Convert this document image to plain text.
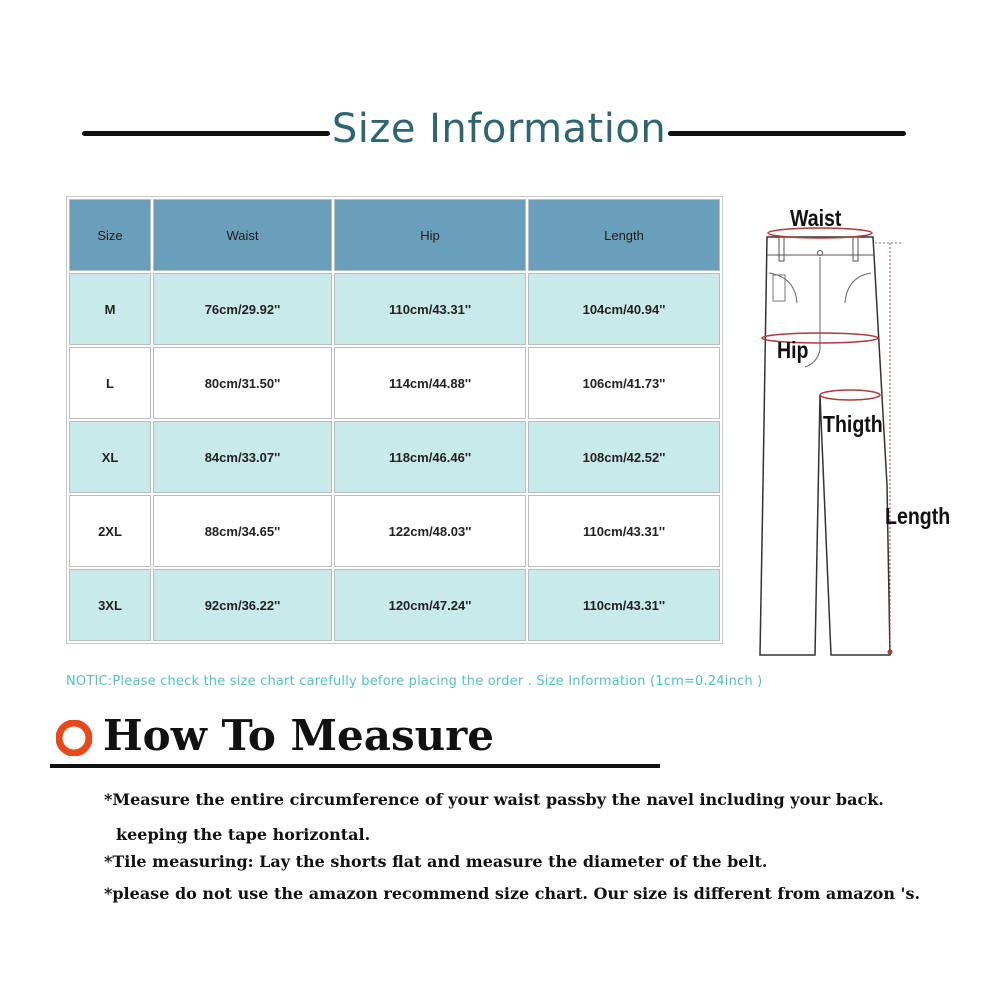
Size Information
Size	Waist	Hip	Length
M	76cm/29.92''	110cm/43.31''	104cm/40.94''
L	80cm/31.50''	114cm/44.88''	106cm/41.73''
XL	84cm/33.07''	118cm/46.46''	108cm/42.52''
2XL	88cm/34.65''	122cm/48.03''	110cm/43.31''
3XL	92cm/36.22''	120cm/47.24''	110cm/43.31''
Waist
Hip
Thigth
Length
NOTIC:Please check the size chart carefully before placing the order . Size Information (1cm=0.24inch )
How To Measure
*Measure the entire circumference of your waist passby the navel including your back.
keeping the tape horizontal.
*Tile measuring: Lay the shorts flat and measure the diameter of the belt.
*please do not use the amazon recommend size chart. Our size is different from amazon 's.
